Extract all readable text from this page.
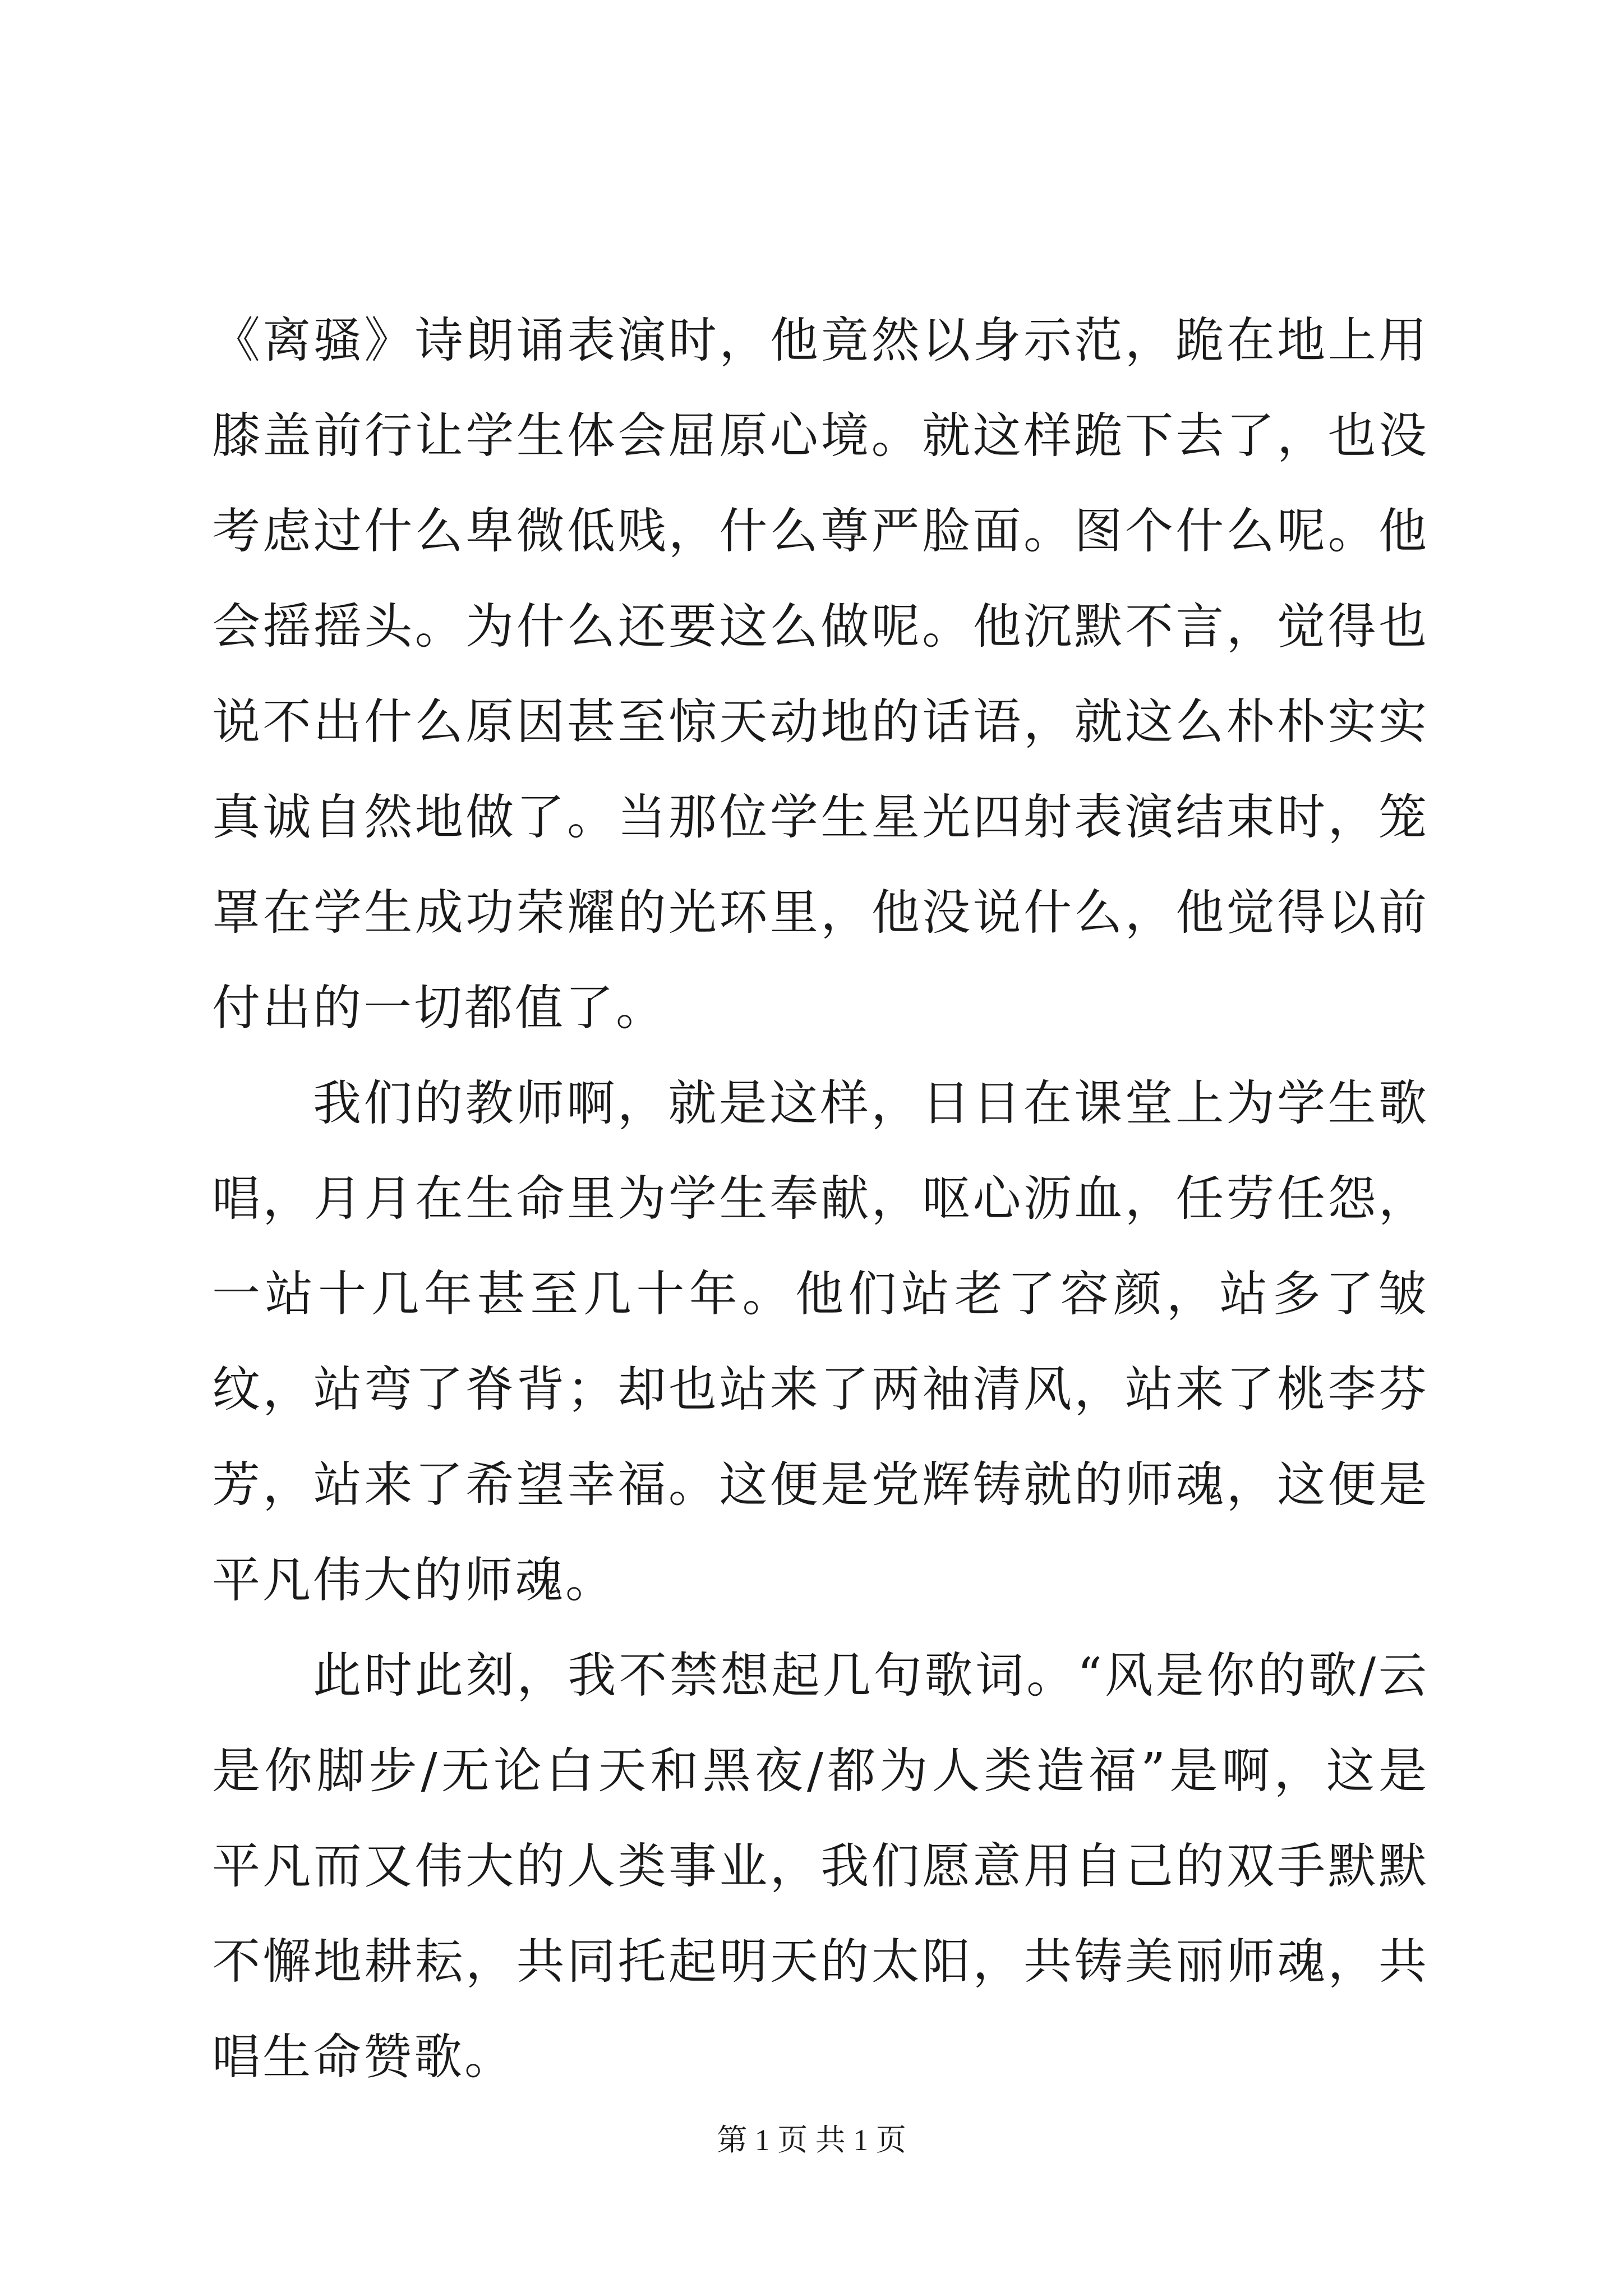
《离骚》诗朗诵表演时，他竟然以身示范，跪在地上用膝盖前行让学生体会屈原心境。就这样跪下去了，也没考虑过什么卑微低贱，什么尊严脸面。图个什么呢。他会摇摇头。为什么还要这么做呢。他沉默不言，觉得也说不出什么原因甚至惊天动地的话语，就这么朴朴实实真诚自然地做了。当那位学生星光四射表演结束时，笼罩在学生成功荣耀的光环里，他没说什么，他觉得以前付出的一切都值了。

我们的教师啊，就是这样，日日在课堂上为学生歌唱，月月在生命里为学生奉献，呕心沥血，任劳任怨，一站十几年甚至几十年。他们站老了容颜，站多了皱纹，站弯了脊背；却也站来了两袖清风，站来了桃李芬芳，站来了希望幸福。这便是党辉铸就的师魂，这便是平凡伟大的师魂。

此时此刻，我不禁想起几句歌词。“风是你的歌/云是你脚步/无论白天和黑夜/都为人类造福”是啊，这是平凡而又伟大的人类事业，我们愿意用自己的双手默默不懈地耕耘，共同托起明天的太阳，共铸美丽师魂，共唱生命赞歌。

第 1 页 共 1 页
